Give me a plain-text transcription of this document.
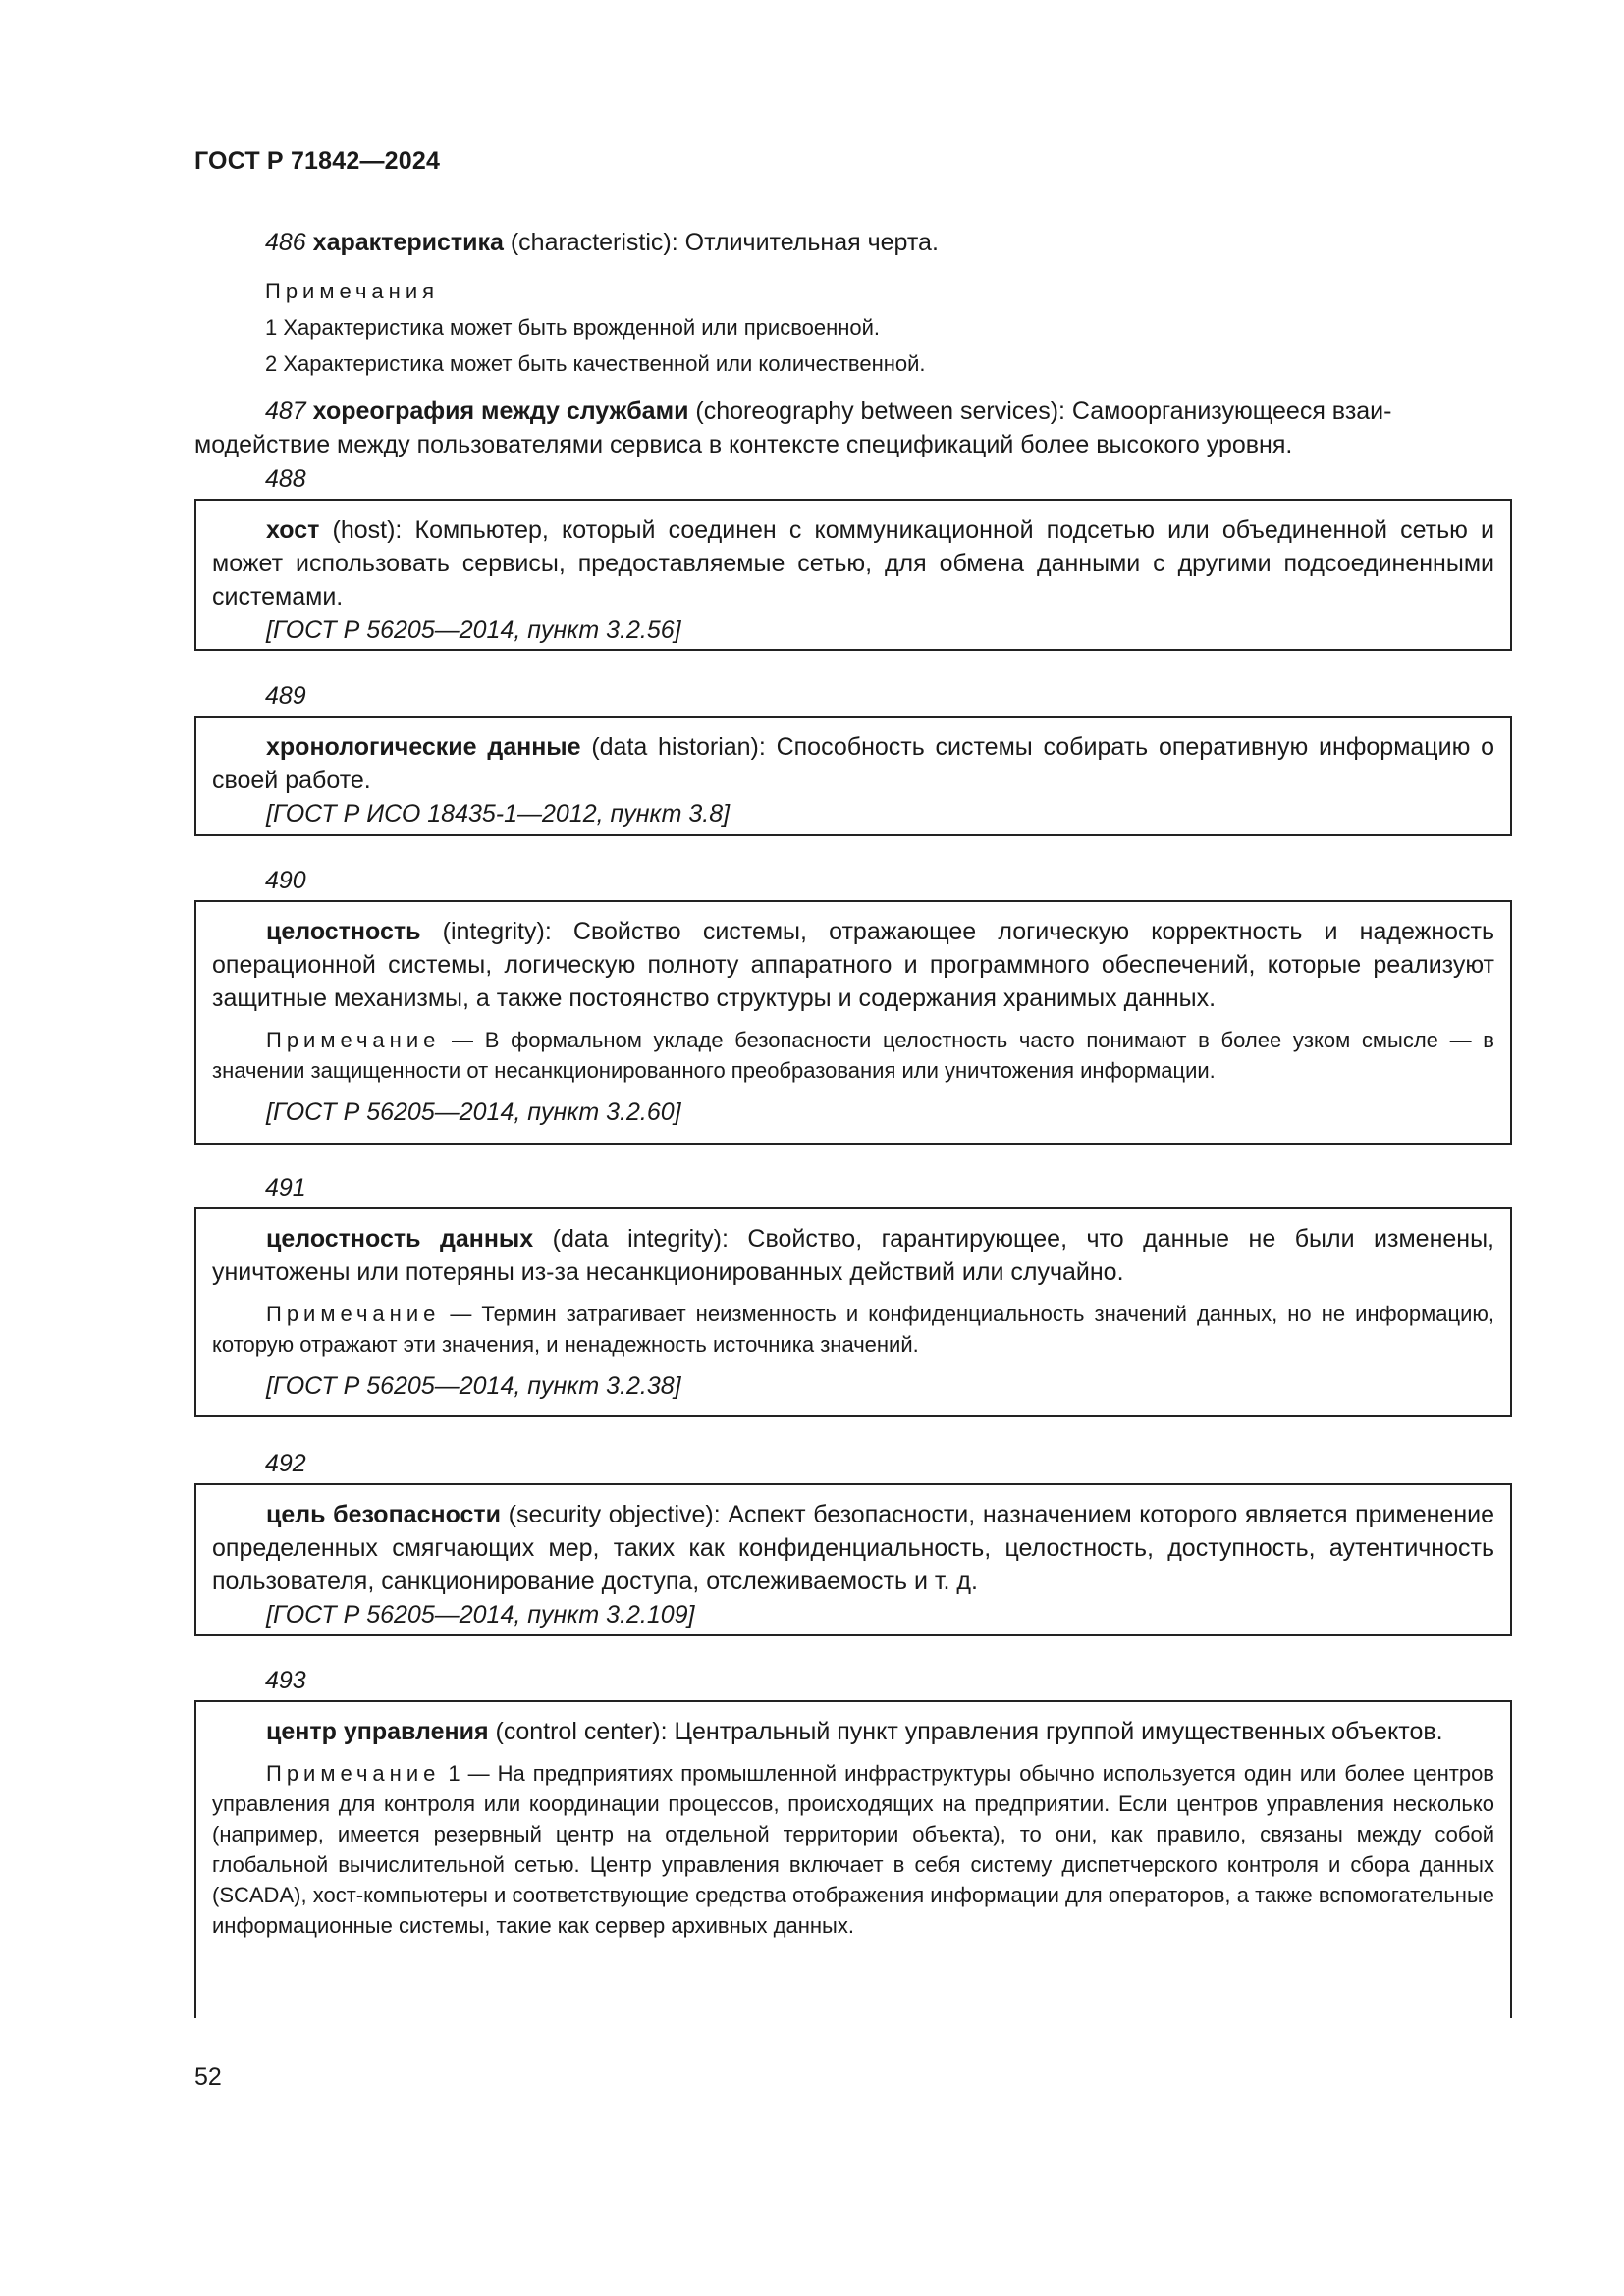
ГОСТ Р 71842—2024
486 характеристика (characteristic): Отличительная черта.
Примечания
1 Характеристика может быть врожденной или присвоенной.
2 Характеристика может быть качественной или количественной.
487 хореография между службами (choreography between services): Самоорганизующееся взаи-
модействие между пользователями сервиса в контексте спецификаций более высокого уровня.
488

хост (host): Компьютер, который соединен с коммуникационной подсетью или объединенной сетью и может использовать сервисы, предоставляемые сетью, для обмена данными с другими подсоединенными системами.

[ГОСТ Р 56205—2014, пункт 3.2.56]

489

хронологические данные (data historian): Способность системы собирать оперативную информацию о своей работе.

[ГОСТ Р ИСО 18435-1—2012, пункт 3.8]

490

целостность (integrity): Свойство системы, отражающее логическую корректность и надежность операционной системы, логическую полноту аппаратного и программного обеспечений, которые реализуют защитные механизмы, а также постоянство структуры и содержания хранимых данных.

Примечание — В формальном укладе безопасности целостность часто понимают в более узком смысле — в значении защищенности от несанкционированного преобразования или уничтожения информации.

[ГОСТ Р 56205—2014, пункт 3.2.60]

491

целостность данных (data integrity): Свойство, гарантирующее, что данные не были изменены, уничтожены или потеряны из-за несанкционированных действий или случайно.

Примечание — Термин затрагивает неизменность и конфиденциальность значений данных, но не информацию, которую отражают эти значения, и ненадежность источника значений.

[ГОСТ Р 56205—2014, пункт 3.2.38]

492

цель безопасности (security objective): Аспект безопасности, назначением которого является применение определенных смягчающих мер, таких как конфиденциальность, целостность, доступность, аутентичность пользователя, санкционирование доступа, отслеживаемость и т. д.

[ГОСТ Р 56205—2014, пункт 3.2.109]

493

центр управления (control center): Центральный пункт управления группой имущественных объектов.

Примечание 1 — На предприятиях промышленной инфраструктуры обычно используется один или более центров управления для контроля или координации процессов, происходящих на предприятии. Если центров управления несколько (например, имеется резервный центр на отдельной территории объекта), то они, как правило, связаны между собой глобальной вычислительной сетью. Центр управления включает в себя систему диспетчерского контроля и сбора данных (SCADA), хост-компьютеры и соответствующие средства отображения информации для операторов, а также вспомогательные информационные системы, такие как сервер архивных данных.

52
